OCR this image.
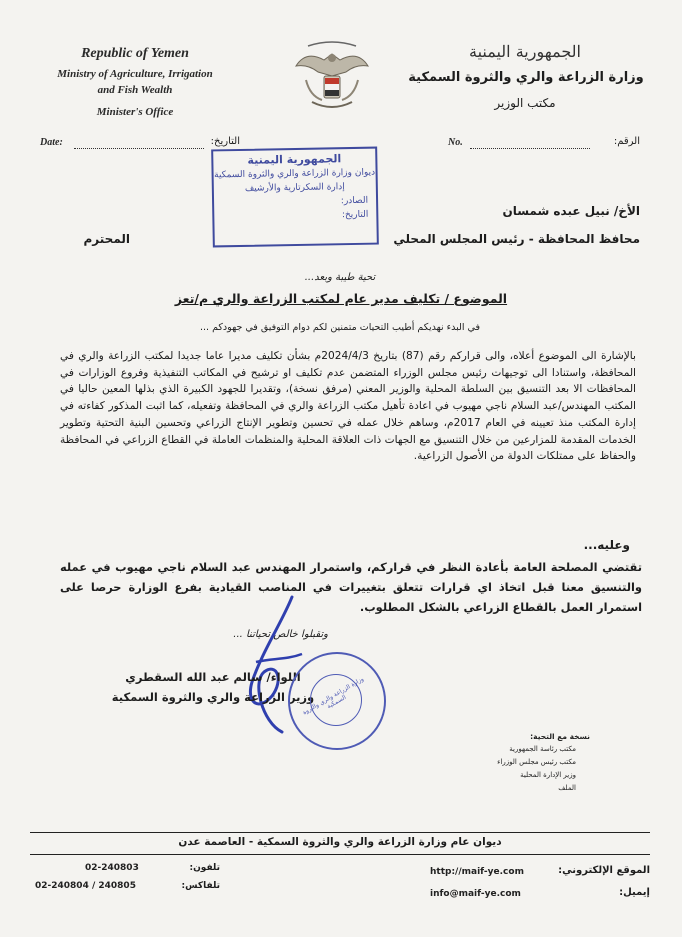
Republic of Yemen
Ministry of Agriculture, Irrigation
and Fish Wealth
Minister's Office
الجمهورية اليمنية
وزارة الزراعة والري والثروة السمكية
مكتب الوزير
Date:	التاريخ:	No.	الرقم:
الجمهورية اليمنية
ديوان وزارة الزراعة والري والثروة السمكية
إدارة السكرتارية والأرشيف
الصادر:
التاريخ:	الأخ/ نبيل عبده شمسان
محافظ المحافظة - رئيس المجلس المحلي
المحترم
تحية طيبة وبعد...
الموضوع / تكليف مدير عام لمكتب الزراعة والري م/تعز
في البدء نهديكم أطيب التحيات متمنين لكم دوام التوفيق في جهودكم ...
بالإشارة الى الموضوع أعلاه، والى قراركم رقم (87) بتاريخ 2024/4/3م بشأن تكليف مديرا عاما جديدا لمكتب الزراعة والري في المحافظة، واستنادا الى توجيهات رئيس مجلس الوزراء المتضمن عدم تكليف او ترشيح في المكاتب التنفيذية وفروع الوزارات في المحافظات الا بعد التنسيق بين السلطة المحلية والوزير المعني (مرفق نسخة)، وتقديرا للجهود الكبيرة الذي بذلها المعين حاليا في المكتب المهندس/عبد السلام ناجي مهيوب في اعادة تأهيل مكتب الزراعة والري في المحافظة وتفعيله، كما اثبت المذكور كفاءته في إدارة المكتب منذ تعيينه في العام 2017م، وساهم خلال عمله في تحسين وتطوير الإنتاج الزراعي وتحسين البنية التحتية وتطوير الخدمات المقدمة للمزارعين من خلال التنسيق مع الجهات ذات العلاقة المحلية والمنظمات العاملة في القطاع الزراعي في المحافظة والحفاظ على ممتلكات الدولة من الأصول الزراعية.
وعليه...
تقتضي المصلحة العامة بأعادة النظر في قراركم، واستمرار المهندس عبد السلام ناجي مهيوب في عمله والتنسيق معنا قبل اتخاذ اي قرارات تتعلق بتغييرات في المناصب القيادية بفرع الوزارة حرصا على استمرار العمل بالقطاع الزراعي بالشكل المطلوب.
وتقبلوا خالص تحياتنا ...
اللواء/ سالم عبد الله السقطري
وزير الزراعة والري والثروة السمكية
وزارة الزراعة والري والثروة السمكية
نسخة مع التحية:
مكتب رئاسة الجمهورية
مكتب رئيس مجلس الوزراء
وزير الإدارة المحلية
الملف
ديوان عام وزارة الزراعة والري والثروة السمكية - العاصمة عدن
02-240803	تلفون:
02-240804 / 240805	تلفاكس:
http://maif-ye.com	الموقع الإلكتروني:
info@maif-ye.com	إيميل:
